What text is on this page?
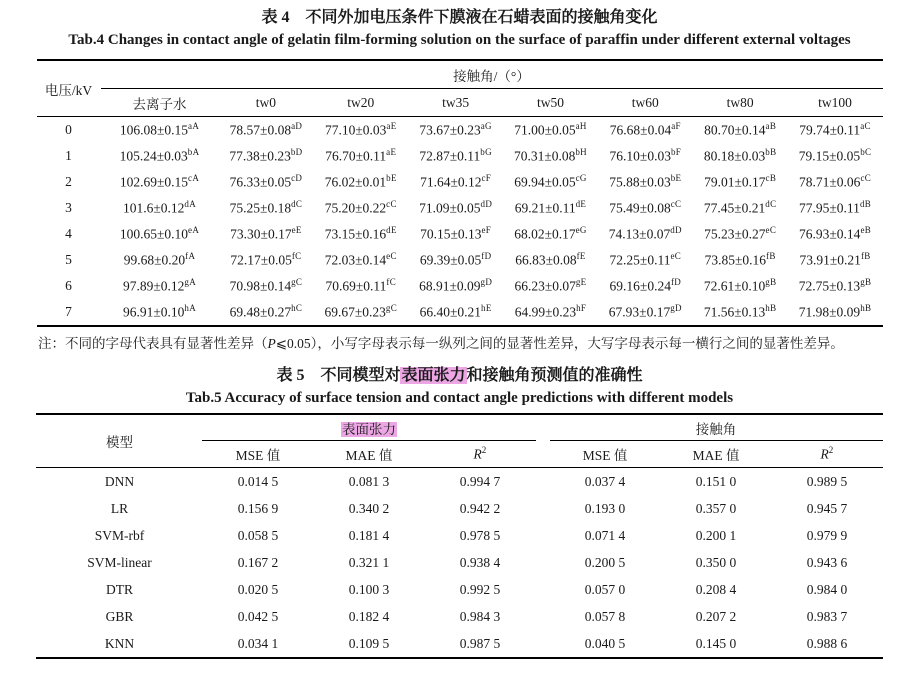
表 4　不同外加电压条件下膜液在石蜡表面的接触角变化
Tab.4 Changes in contact angle of gelatin film-forming solution on the surface of paraffin under different external voltages
电压/kV	接触角/（°）							
	去离子水	tw0	tw20	tw35	tw50	tw60	tw80	tw100
0	$106.08\pm 0.15^{aA}$	$78.57\pm 0.08^{aD}$	$77.10\pm 0.03^{aE}$	$73.67\pm 0.23^{aG}$	$71.00\pm 0.05^{aH}$	$76.68\pm 0.04^{aF}$	$80.70\pm 0.14^{aB}$	$79.74\pm 0.11^{aC}$
1	$105.24\pm 0.03^{bA}$	$77.38\pm 0.23^{bD}$	$76.70\pm 0.11^{aE}$	$72.87\pm 0.11^{bG}$	$70.31\pm 0.08^{bH}$	$76.10\pm 0.03^{bF}$	$80.18\pm 0.03^{bB}$	$79.15\pm 0.05^{bC}$
2	$102.69\pm 0.15^{cA}$	$76.33\pm 0.05^{cD}$	$76.02\pm 0.01^{bE}$	$71.64\pm 0.12^{cF}$	$69.94\pm 0.05^{cG}$	$75.88\pm 0.03^{bE}$	$79.01\pm 0.17^{cB}$	$78.71\pm 0.06^{cC}$
3	$101.6\pm 0.12^{dA}$	$75.25\pm 0.18^{dC}$	$75.20\pm 0.22^{cC}$	$71.09\pm 0.05^{dD}$	69.21±0.11dE	$75.49\pm 0.08^{cC}$	$77.45\pm 0.21^{dC}$	$77.95\pm 0.11^{dB}$
4	$100.65\pm 0.10^{eA}$	$73.30\pm 0.17^{eE}$	73.15±0.16dE	$70.15\pm 0.13^{eF}$	$68.02\pm 0.17^{eG}$	$74.13\pm 0.07^{dD}$	$75.23\pm 0.27^{eC}$	$76.93\pm 0.14^{eB}$
5	$99.68\pm 0.20^{fA}$	$72.17\pm 0.05^{fC}$	$72.03\pm 0.14^{eC}$	$69.39\pm 0.05^{fD}$	$66.83\pm 0.08^{fE}$	$72.25\pm 0.11^{eC}$	$73.85\pm 0.16^{fB}$	$73.91\pm 0.21^{fB}$
6	$97.89\pm 0.12^{gA}$	$70.98\pm 0.14^{gC}$	$70.69\pm 0.11^{fC}$	$68.91\pm 0.09^{gD}$	$66.23\pm 0.07^{gE}$	$69.16\pm 0.24^{fD}$	$72.61\pm 0.10^{gB}$	$72.75\pm 0.13^{gB}$
7	$96.91\pm 0.10^{hA}$	$69.48\pm 0.27^{hC}$	$69.67\pm 0.23^{gC}$	$66.40\pm 0.21^{hE}$	$64.99\pm 0.23^{hF}$	$67.93\pm 0.17^{gD}$	$71.56\pm 0.13^{hB}$	$71.98\pm 0.09^{hB}$
注：不同的字母代表具有显著性差异（P⩽0.05），小写字母表示每一纵列之间的显著性差异，大写字母表示每一横行之间的显著性差异。
表 5　不同模型对表面张力和接触角预测值的准确性
Tab.5 Accuracy of surface tension and contact angle predictions with different models
模型	表面张力				接触角		
	MSE 值	MAE 值	$R^2$		MSE 值	MAE 值	$R^2$
DNN	0.014 5	0.081 3	0.994 7		0.037 4	0.151 0	0.989 5
LR	0.156 9	0.340 2	0.942 2		0.193 0	0.357 0	0.945 7
SVM-rbf	0.058 5	0.181 4	0.978 5		0.071 4	0.200 1	0.979 9
SVM-linear	0.167 2	0.321 1	0.938 4		0.200 5	0.350 0	0.943 6
DTR	0.020 5	0.100 3	0.992 5		0.057 0	0.208 4	0.984 0
GBR	0.042 5	0.182 4	0.984 3		0.057 8	0.207 2	0.983 7
KNN	0.034 1	0.109 5	0.987 5		0.040 5	0.145 0	0.988 6
